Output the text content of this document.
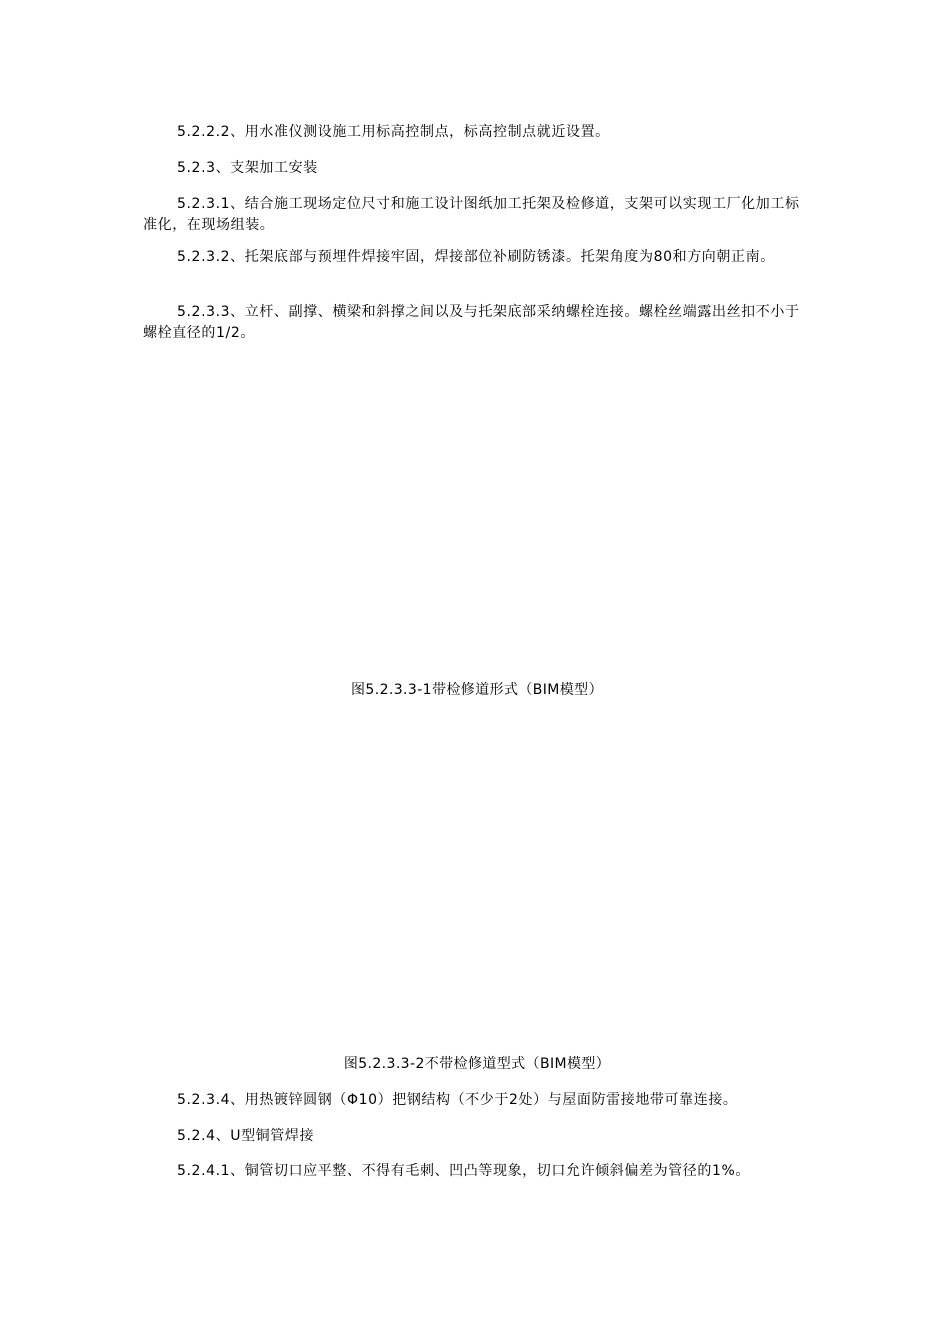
5.2.2.2、用水准仪测设施工用标高控制点，标高控制点就近设置。

5.2.3、支架加工安装

5.2.3.1、结合施工现场定位尺寸和施工设计图纸加工托架及检修道，支架可以实现工厂化加工标准化，在现场组装。

5.2.3.2、托架底部与预埋件焊接牢固，焊接部位补刷防锈漆。托架角度为80和方向朝正南。

5.2.3.3、立杆、副撑、横梁和斜撑之间以及与托架底部采纳螺栓连接。螺栓丝端露出丝扣不小于螺栓直径的1/2。

图5.2.3.3-1带检修道形式（BIM模型）

图5.2.3.3-2不带检修道型式（BIM模型）

5.2.3.4、用热镀锌圆钢（Φ10）把钢结构（不少于2处）与屋面防雷接地带可靠连接。

5.2.4、U型铜管焊接

5.2.4.1、铜管切口应平整、不得有毛刺、凹凸等现象，切口允许倾斜偏差为管径的1%。
